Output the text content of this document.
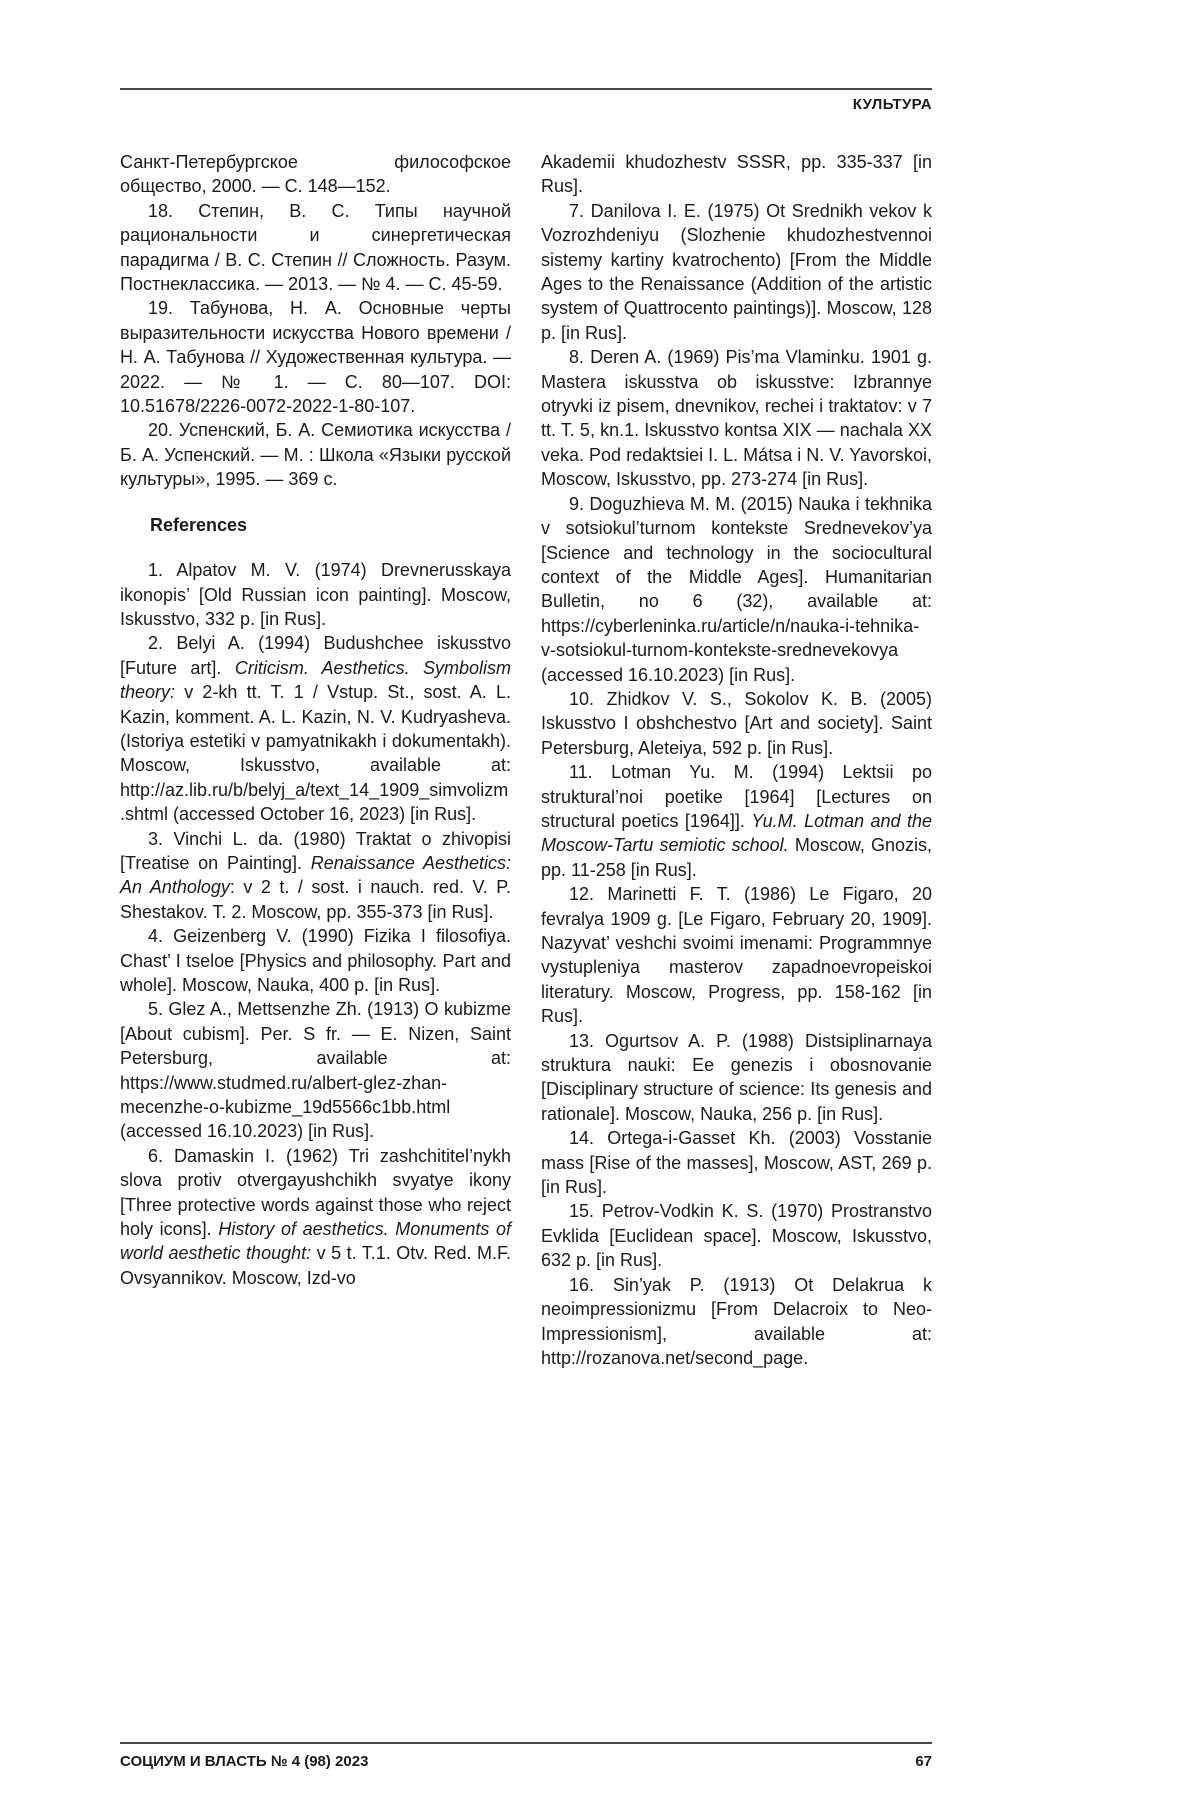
КУЛЬТУРА

Санкт-Петербургское философское общество, 2000. — С. 148—152.

18. Степин, В. С. Типы научной рациональности и синергетическая парадигма / В. С. Степин // Сложность. Разум. Постнеклассика. — 2013. — № 4. — С. 45-59.

19. Табунова, Н. А. Основные черты выразительности искусства Нового времени / Н. А. Табунова // Художественная культура. — 2022. — № 1. — С. 80—107. DOI: 10.51678/2226-0072-2022-1-80-107.

20. Успенский, Б. А. Семиотика искусства / Б. А. Успенский. — М. : Школа «Языки русской культуры», 1995. — 369 с.

References

1. Alpatov M. V. (1974) Drevnerusskaya ikonopis’ [Old Russian icon painting]. Moscow, Iskusstvo, 332 p. [in Rus].

2. Belyi A. (1994) Budushchee iskusstvo [Future art]. Criticism. Aesthetics. Symbolism theory: v 2-kh tt. T. 1 / Vstup. St., sost. A. L. Kazin, komment. A. L. Kazin, N. V. Kudryasheva. (Istoriya estetiki v pamyatnikakh i dokumentakh). Moscow, Iskusstvo, available at: http://az.lib.ru/b/belyj_a/text_14_1909_simvolizm.shtml (accessed October 16, 2023) [in Rus].

3. Vinchi L. da. (1980) Traktat o zhivopisi [Treatise on Painting]. Renaissance Aesthetics: An Anthology: v 2 t. / sost. i nauch. red. V. P. Shestakov. T. 2. Moscow, pp. 355-373 [in Rus].

4. Geizenberg V. (1990) Fizika I filosofiya. Chast’ I tseloe [Physics and philosophy. Part and whole]. Moscow, Nauka, 400 p. [in Rus].

5. Glez A., Mettsenzhe Zh. (1913) O kubizme [About cubism]. Per. S fr. — E. Nizen, Saint Petersburg, available at: https://www.studmed.ru/albert-glez-zhan-mecenzhe-o-kubizme_19d5566c1bb.html (accessed 16.10.2023) [in Rus].

6. Damaskin I. (1962) Tri zashchititel’nykh slova protiv otvergayushchikh svyatye ikony [Three protective words against those who reject holy icons]. History of aesthetics. Monuments of world aesthetic thought: v 5 t. T.1. Otv. Red. M.F. Ovsyannikov. Moscow, Izd-vo

Akademii khudozhestv SSSR, pp. 335-337 [in Rus].

7. Danilova I. E. (1975) Ot Srednikh vekov k Vozrozhdeniyu (Slozhenie khudozhestvennoi sistemy kartiny kvatrochento) [From the Middle Ages to the Renaissance (Addition of the artistic system of Quattrocento paintings)]. Moscow, 128 p. [in Rus].

8. Deren A. (1969) Pis’ma Vlaminku. 1901 g. Mastera iskusstva ob iskusstve: Izbrannye otryvki iz pisem, dnevnikov, rechei i traktatov: v 7 tt. T. 5, kn.1. Iskusstvo kontsa XIX — nachala XX veka. Pod redaktsiei I. L. Mátsa i N. V. Yavorskoi, Moscow, Iskusstvo, pp. 273-274 [in Rus].

9. Doguzhieva M. M. (2015) Nauka i tekhnika v sotsiokul’turnom kontekste Srednevekov’ya [Science and technology in the sociocultural context of the Middle Ages]. Humanitarian Bulletin, no 6 (32), available at: https://cyberleninka.ru/article/n/nauka-i-tehnika-v-sotsiokul-turnom-kontekste-srednevekovya (accessed 16.10.2023) [in Rus].

10. Zhidkov V. S., Sokolov K. B. (2005) Iskusstvo I obshchestvo [Art and society]. Saint Petersburg, Aleteiya, 592 p. [in Rus].

11. Lotman Yu. M. (1994) Lektsii po struktural’noi poetike [1964] [Lectures on structural poetics [1964]]. Yu.M. Lotman and the Moscow-Tartu semiotic school. Moscow, Gnozis, pp. 11-258 [in Rus].

12. Marinetti F. T. (1986) Le Figaro, 20 fevralya 1909 g. [Le Figaro, February 20, 1909]. Nazyvat’ veshchi svoimi imenami: Programmnye vystupleniya masterov zapadnoevropeiskoi literatury. Moscow, Progress, pp. 158-162 [in Rus].

13. Ogurtsov A. P. (1988) Distsiplinarnaya struktura nauki: Ee genezis i obosnovanie [Disciplinary structure of science: Its genesis and rationale]. Moscow, Nauka, 256 p. [in Rus].

14. Ortega-i-Gasset Kh. (2003) Vosstanie mass [Rise of the masses], Moscow, AST, 269 p. [in Rus].

15. Petrov-Vodkin K. S. (1970) Prostranstvo Evklida [Euclidean space]. Moscow, Iskusstvo, 632 p. [in Rus].

16. Sin’yak P. (1913) Ot Delakrua k neoimpressionizmu [From Delacroix to Neo-Impressionism], available at: http://rozanova.net/second_page.

СОЦИУМ И ВЛАСТЬ № 4 (98) 2023	67
